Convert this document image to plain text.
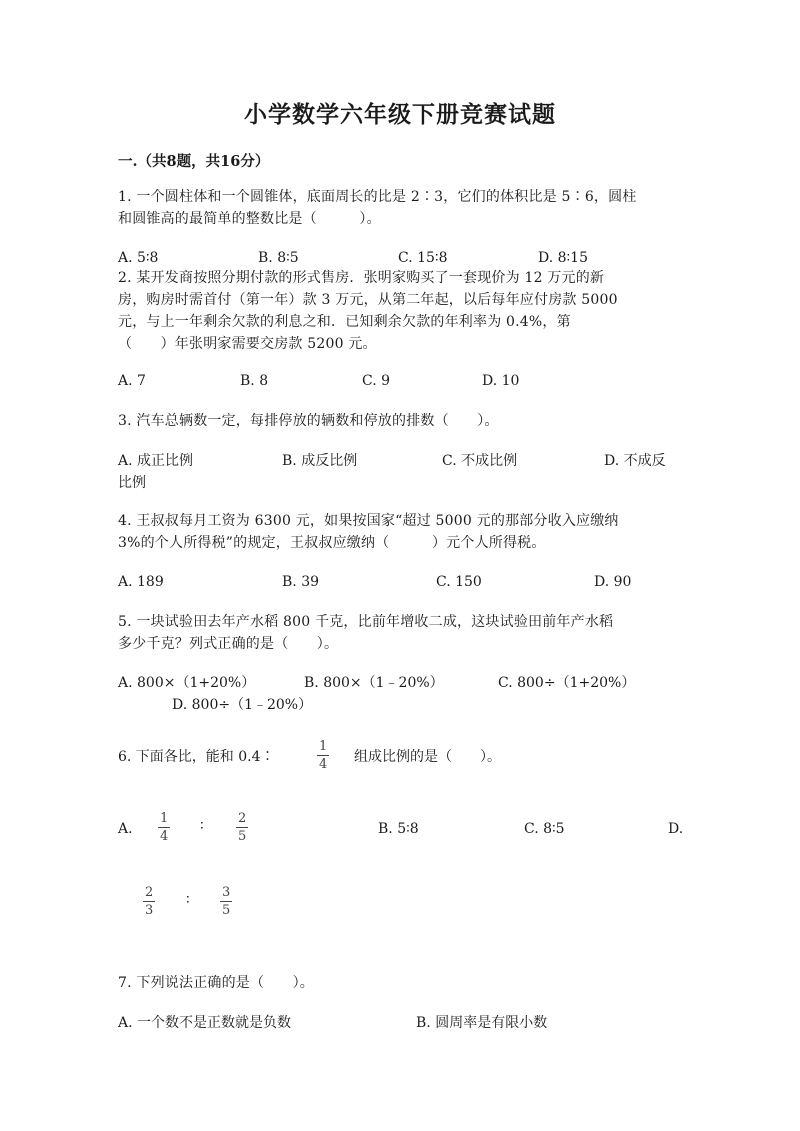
小学数学六年级下册竞赛试题
一.（共8题，共16分）
1. 一个圆柱体和一个圆锥体，底面周长的比是 2∶3，它们的体积比是 5∶6，圆柱
和圆锥高的最简单的整数比是（　　　）。
A. 5∶8	B. 8∶5	C. 15∶8	D. 8∶15
2. 某开发商按照分期付款的形式售房．张明家购买了一套现价为 12 万元的新
房，购房时需首付（第一年）款 3 万元，从第二年起，以后每年应付房款 5000
元，与上一年剩余欠款的利息之和．已知剩余欠款的年利率为 0.4%，第
（　　）年张明家需要交房款 5200 元。
A. 7	B. 8	C. 9	D. 10
3. 汽车总辆数一定，每排停放的辆数和停放的排数（　　）。
A. 成正比例	B. 成反比例	C. 不成比例	D. 不成反
比例
4. 王叔叔每月工资为 6300 元，如果按国家“超过 5000 元的那部分收入应缴纳
3%的个人所得税”的规定，王叔叔应缴纳（　　　）元个人所得税。
A. 189	B. 39	C. 150	D. 90
5. 一块试验田去年产水稻 800 千克，比前年增收二成，这块试验田前年产水稻
多少千克？列式正确的是（　　）。
A. 800×（1+20%）	B. 800×（1﹣20%）	C. 800÷（1+20%）
D. 800÷（1﹣20%）
6. 下面各比，能和 0.4∶
1
4 组成比例的是（　　）。
A.
1
4
∶	2
5	B. 5∶8	C. 8∶5	D.
2
3
∶ 3
5
7. 下列说法正确的是（　　）。
A. 一个数不是正数就是负数	B. 圆周率是有限小数
